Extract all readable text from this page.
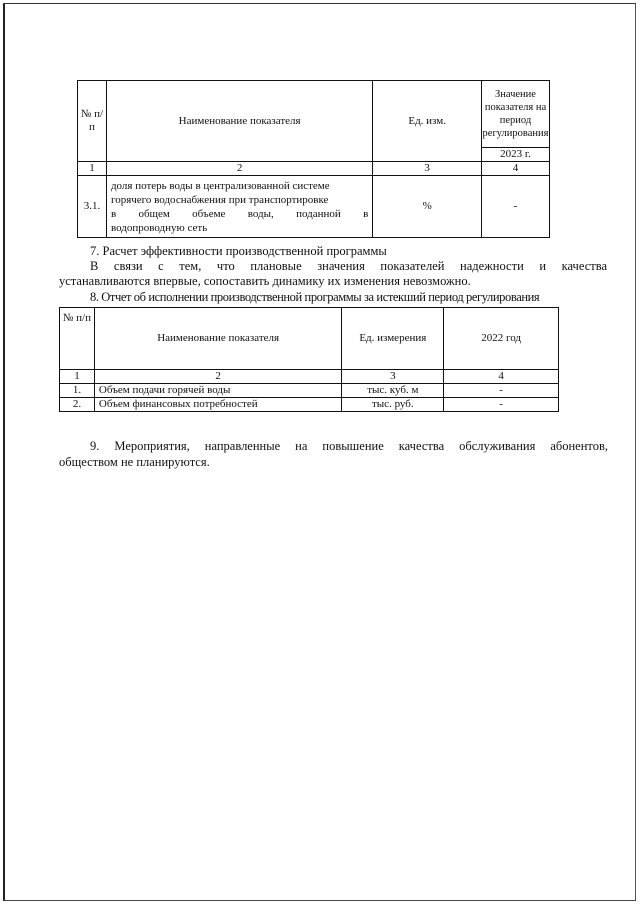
№ п/п	Наименование показателя	Ед. изм.	Значение
показателя на
период
регулирования

			2023 г.
1	2	3	4
3.1.	доля потерь воды в централизованной системе
горячего водоснабжения при транспортировке
в общем объеме воды, поданной в
водопроводную сеть	%	-

7. Расчет эффективности производственной программы

В связи с тем, что плановые значения показателей надежности и качества

устанавливаются впервые, сопоставить динамику их изменения невозможно.

8. Отчет об исполнении производственной программы за истекший период регулирования

№ п/п	Наименование показателя	Ед. измерения	2022 год
1	2	3	4
1.	Объем подачи горячей воды	тыс. куб. м	-
2.	Объем финансовых потребностей	тыс. руб.	-

9. Мероприятия, направленные на повышение качества обслуживания абонентов,

обществом не планируются.
